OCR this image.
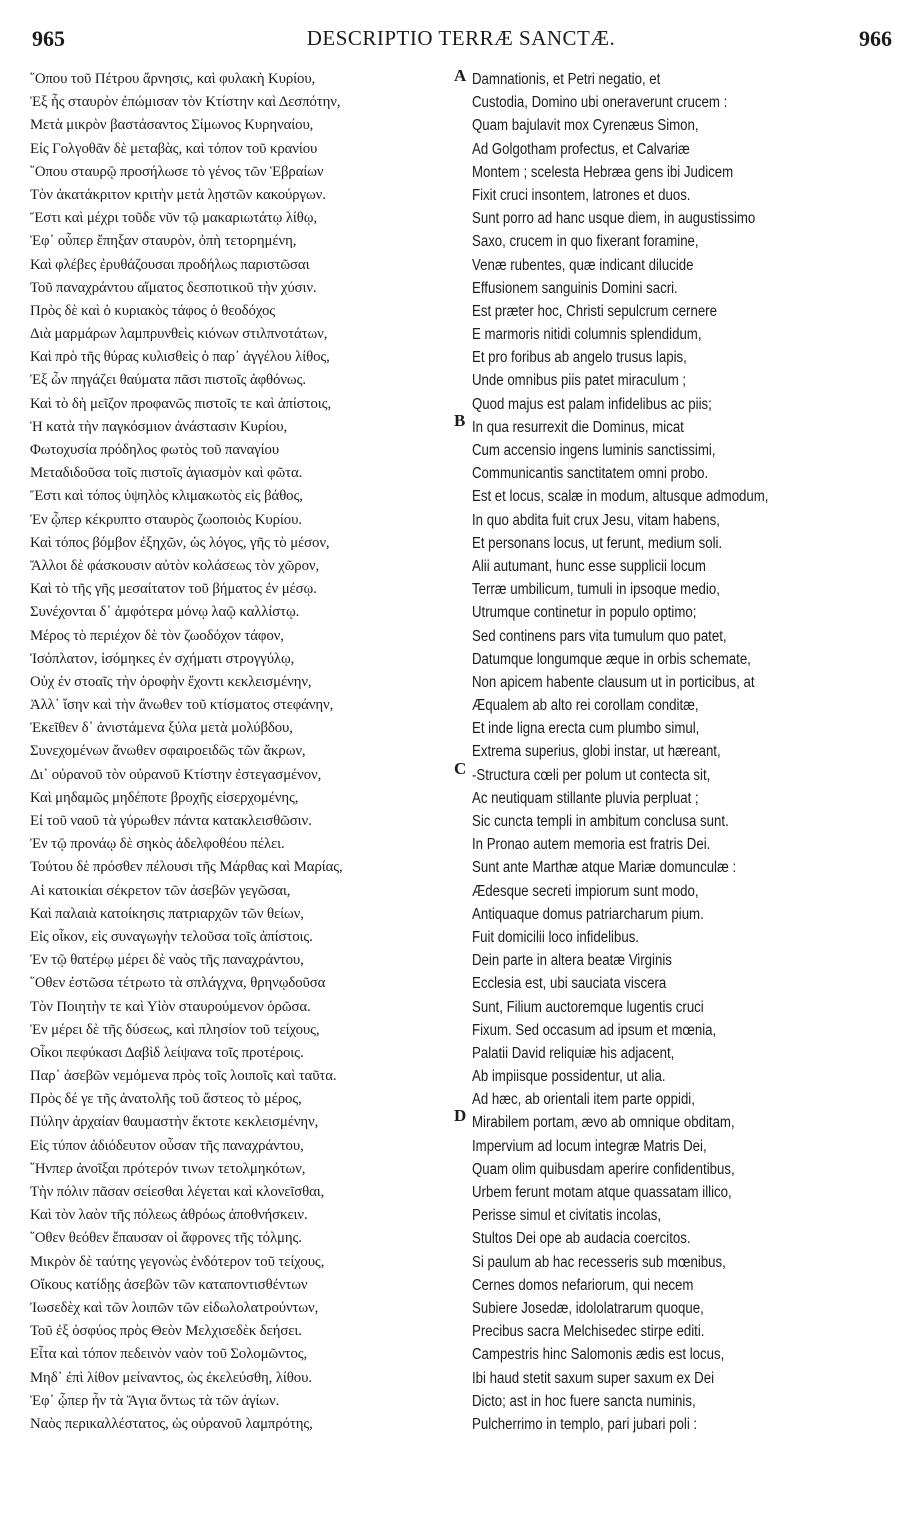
965	DESCRIPTIO TERRÆ SANCTÆ.	966
῞Οπου τοῦ Πέτρου ἄρνησις, καὶ φυλακὴ Κυρίου,
Ἐξ ἧς σταυρὸν ἐπώμισαν τὸν Κτίστην καὶ Δεσπότην,
Μετὰ μικρὸν βαστάσαντος Σίμωνος Κυρηναίου,
Εἰς Γολγοθᾶν δὲ μεταβὰς, καὶ τόπον τοῦ κρανίου
῞Οπου σταυρῷ προσήλωσε τὸ γένος τῶν Ἑβραίων
Τὸν ἀκατάκριτον κριτὴν μετὰ λῃστῶν κακούργων.
Ἔστι καὶ μέχρι τοῦδε νῦν τῷ μακαριωτάτῳ λίθῳ,
Ἐφ᾽ οὗπερ ἔπηξαν σταυρὸν, ὀπὴ τετορημένη,
Καὶ φλέβες ἐρυθάζουσαι προδήλως παριστῶσαι
Τοῦ παναχράντου αἵματος δεσποτικοῦ τὴν χύσιν.
Πρὸς δὲ καὶ ὁ κυριακὸς τάφος ὁ θεοδόχος
Διὰ μαρμάρων λαμπρυνθεὶς κιόνων στιλπνοτάτων,
Καὶ πρὸ τῆς θύρας κυλισθεὶς ὁ παρ᾽ ἀγγέλου λίθος,
Ἐξ ὧν πηγάζει θαύματα πᾶσι πιστοῖς ἀφθόνως.
Καὶ τὸ δὴ μεῖζον προφανῶς πιστοῖς τε καὶ ἀπίστοις,
Ἡ κατὰ τὴν παγκόσμιον ἀνάστασιν Κυρίου,
Φωτοχυσία πρόδηλος φωτὸς τοῦ παναγίου
Μεταδιδοῦσα τοῖς πιστοῖς ἁγιασμὸν καὶ φῶτα.
Ἔστι καὶ τόπος ὑψηλὸς κλιμακωτὸς εἰς βάθος,
Ἐν ᾧπερ κέκρυπτο σταυρὸς ζωοποιὸς Κυρίου.
Καὶ τόπος βόμβον ἐξηχῶν, ὡς λόγος, γῆς τὸ μέσον,
Ἄλλοι δὲ φάσκουσιν αὐτὸν κολάσεως τὸν χῶρον,
Καὶ τὸ τῆς γῆς μεσαίτατον τοῦ βήματος ἐν μέσῳ.
Συνέχονται δ᾽ ἀμφότερα μόνῳ λαῷ καλλίστῳ.
Μέρος τὸ περιέχον δὲ τὸν ζωοδόχον τάφον,
Ἰσόπλατον, ἰσόμηκες ἐν σχήματι στρογγύλῳ,
Οὐχ ἐν στοαῖς τὴν ὀροφὴν ἔχοντι κεκλεισμένην,
Ἀλλ᾽ ἴσην καὶ τὴν ἄνωθεν τοῦ κτίσματος στεφάνην,
Ἐκεῖθεν δ᾽ ἀνιστάμενα ξύλα μετὰ μολύβδου,
Συνεχομένων ἄνωθεν σφαιροειδῶς τῶν ἄκρων,
Δι᾽ οὐρανοῦ τὸν οὐρανοῦ Κτίστην ἐστεγασμένον,
Καὶ μηδαμῶς μηδέποτε βροχῆς εἰσερχομένης,
Εἰ τοῦ ναοῦ τὰ γύρωθεν πάντα κατακλεισθῶσιν.
Ἐν τῷ προνάῳ δὲ σηκὸς ἀδελφοθέου πέλει.
Τούτου δὲ πρόσθεν πέλουσι τῆς Μάρθας καὶ Μαρίας,
Αἱ κατοικίαι σέκρετον τῶν ἀσεβῶν γεγῶσαι,
Καὶ παλαιὰ κατοίκησις πατριαρχῶν τῶν θείων,
Εἰς οἶκον, εἰς συναγωγὴν τελοῦσα τοῖς ἀπίστοις.
Ἐν τῷ θατέρῳ μέρει δὲ ναὸς τῆς παναχράντου,
῞Οθεν ἐστῶσα τέτρωτο τὰ σπλάγχνα, θρηνῳδοῦσα
Τὸν Ποιητὴν τε καὶ Υἱὸν σταυρούμενον ὁρῶσα.
Ἐν μέρει δὲ τῆς δύσεως, καὶ πλησίον τοῦ τείχους,
Οἶκοι πεφύκασι Δαβὶδ λείψανα τοῖς προτέροις.
Παρ᾽ ἀσεβῶν νεμόμενα πρὸς τοῖς λοιποῖς καὶ ταῦτα.
Πρὸς δέ γε τῆς ἀνατολῆς τοῦ ἄστεος τὸ μέρος,
Πύλην ἀρχαίαν θαυμαστὴν ἔκτοτε κεκλεισμένην,
Εἰς τύπον ἀδιόδευτον οὖσαν τῆς παναχράντου,
῞Ηνπερ ἀνοῖξαι πρότερόν τινων τετολμηκότων,
Τὴν πόλιν πᾶσαν σείεσθαι λέγεται καὶ κλονεῖσθαι,
Καὶ τὸν λαὸν τῆς πόλεως ἀθρόως ἀποθνήσκειν.
῞Οθεν θεόθεν ἔπαυσαν οἱ ἄφρονες τῆς τόλμης.
Μικρὸν δὲ ταύτης γεγονὼς ἐνδότερον τοῦ τείχους,
Οἴκους κατίδῃς ἀσεβῶν τῶν καταποντισθέντων
Ἰωσεδὲχ καὶ τῶν λοιπῶν τῶν εἰδωλολατρούντων,
Τοῦ ἐξ ὀσφύος πρὸς Θεὸν Μελχισεδὲκ δεήσει.
Εἶτα καὶ τόπον πεδεινὸν ναὸν τοῦ Σολομῶντος,
Μηδ᾽ ἐπὶ λίθον μείναντος, ὡς ἐκελεύσθη, λίθου.
Ἐφ᾽ ᾧπερ ἦν τὰ Ἅγια ὄντως τὰ τῶν ἁγίων.
Ναὸς περικαλλέστατος, ὡς οὐρανοῦ λαμπρότης,
Damnationis, et Petri negatio, et
Custodia, Domino ubi oneraverunt crucem :
Quam bajulavit mox Cyrenæus Simon,
Ad Golgotham profectus, et Calvariæ
Montem ; scelesta Hebræa gens ibi Judicem
Fixit cruci insontem, latrones et duos.
Sunt porro ad hanc usque diem, in augustissimo
Saxo, crucem in quo fixerant foramine,
Venæ rubentes, quæ indicant dilucide
Effusionem sanguinis Domini sacri.
Est præter hoc, Christi sepulcrum cernere
E marmoris nitidi columnis splendidum,
Et pro foribus ab angelo trusus lapis,
Unde omnibus piis patet miraculum ;
Quod majus est palam infidelibus ac piis;
In qua resurrexit die Dominus, micat
Cum accensio ingens luminis sanctissimi,
Communicantis sanctitatem omni probo.
Est et locus, scalæ in modum, altusque admodum,
In quo abdita fuit crux Jesu, vitam habens,
Et personans locus, ut ferunt, medium soli.
Alii autumant, hunc esse supplicii locum
Terræ umbilicum, tumuli in ipsoque medio,
Utrumque continetur in populo optimo;
Sed continens pars vita tumulum quo patet,
Datumque longumque æque in orbis schemate,
Non apicem habente clausum ut in porticibus, at
Æqualem ab alto rei corollam conditæ,
Et inde ligna erecta cum plumbo simul,
Extrema superius, globi instar, ut hæreant,
-Structura cœli per polum ut contecta sit,
Ac neutiquam stillante pluvia perpluat ;
Sic cuncta templi in ambitum conclusa sunt.
In Pronao autem memoria est fratris Dei.
Sunt ante Marthæ atque Mariæ domunculæ :
Ædesque secreti impiorum sunt modo,
Antiquaque domus patriarcharum pium.
Fuit domicilii loco infidelibus.
Dein parte in altera beatæ Virginis
Ecclesia est, ubi sauciata viscera
Sunt, Filium auctoremque lugentis cruci
Fixum. Sed occasum ad ipsum et mœnia,
Palatii David reliquiæ his adjacent,
Ab impiisque possidentur, ut alia.
Ad hæc, ab orientali item parte oppidi,
Mirabilem portam, ævo ab omnique obditam,
Impervium ad locum integræ Matris Dei,
Quam olim quibusdam aperire confidentibus,
Urbem ferunt motam atque quassatam illico,
Perisse simul et civitatis incolas,
Stultos Dei ope ab audacia coercitos.
Si paulum ab hac recesseris sub mœnibus,
Cernes domos nefariorum, qui necem
Subiere Josedæ, idololatrarum quoque,
Precibus sacra Melchisedec stirpe editi.
Campestris hinc Salomonis ædis est locus,
Ibi haud stetit saxum super saxum ex Dei
Dicto; ast in hoc fuere sancta numinis,
Pulcherrimo in templo, pari jubari poli :
A
B
C
D
